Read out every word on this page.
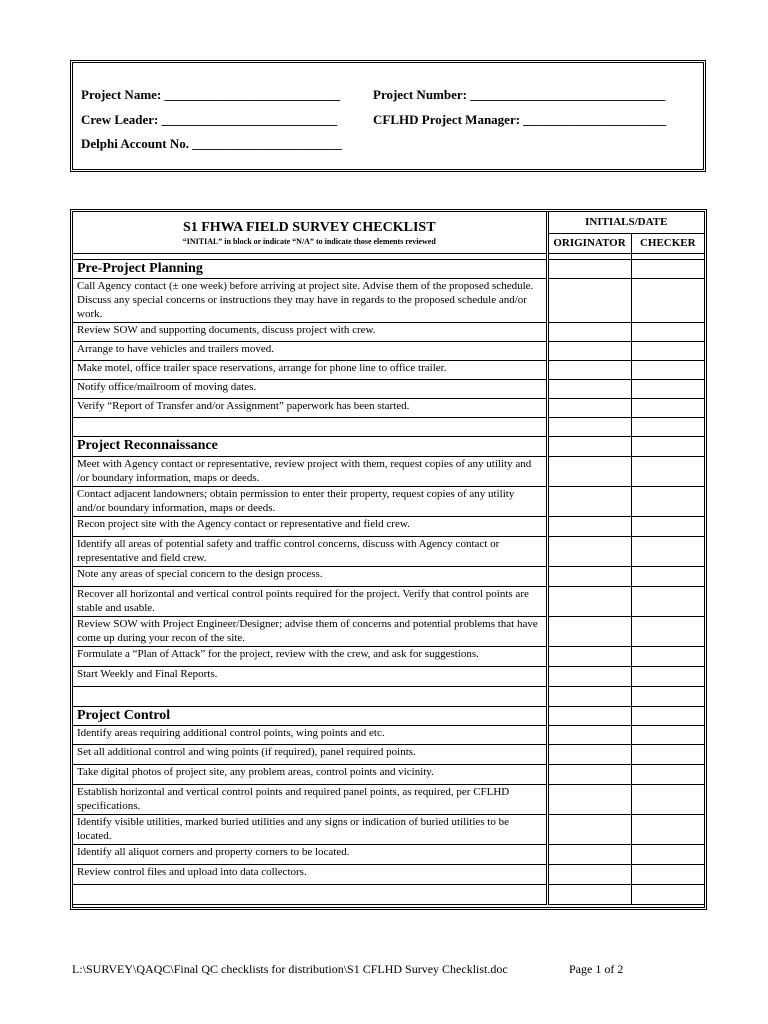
Project Name: ___________________________	Project Number: ______________________________
Crew Leader: ___________________________	CFLHD Project Manager: ______________________
Delphi Account No. _______________________
S1 FHWA FIELD SURVEY CHECKLIST
“INITIAL” in block or indicate “N/A” to indicate those elements reviewed	INITIALS/DATE	
	ORIGINATOR	CHECKER

Pre-Project Planning		
Call Agency contact (± one week) before arriving at project site. Advise them of the proposed schedule. Discuss any special concerns or instructions they may have in regards to the proposed schedule and/or work.		
Review SOW and supporting documents, discuss project with crew.		
Arrange to have vehicles and trailers moved.		
Make motel, office trailer space reservations, arrange for phone line to office trailer.		
Notify office/mailroom of moving dates.		
Verify “Report of Transfer and/or Assignment” paperwork has been started.		

Project Reconnaissance		
Meet with Agency contact or representative, review project with them, request copies of any utility and /or boundary information, maps or deeds.		
Contact adjacent landowners; obtain permission to enter their property, request copies of any utility and/or boundary information, maps or deeds.		
Recon project site with the Agency contact or representative and field crew.		
Identify all areas of potential safety and traffic control concerns, discuss with Agency contact or representative and field crew.		
Note any areas of special concern to the design process.		
Recover all horizontal and vertical control points required for the project. Verify that control points are stable and usable.		
Review SOW with Project Engineer/Designer; advise them of concerns and potential problems that have come up during your recon of the site.		
Formulate a “Plan of Attack” for the project, review with the crew, and ask for suggestions.		
Start Weekly and Final Reports.		

Project Control		
Identify areas requiring additional control points, wing points and etc.		
Set all additional control and wing points (if required), panel required points.		
Take digital photos of project site, any problem areas, control points and vicinity.		
Establish horizontal and vertical control points and required panel points, as required, per CFLHD specifications.		
Identify visible utilities, marked buried utilities and any signs or indication of buried utilities to be located.		
Identify all aliquot corners and property corners to be located.		
Review control files and upload into data collectors.		

L:\SURVEY\QAQC\Final QC checklists for distribution\S1 CFLHD Survey Checklist.doc	Page 1 of 2
